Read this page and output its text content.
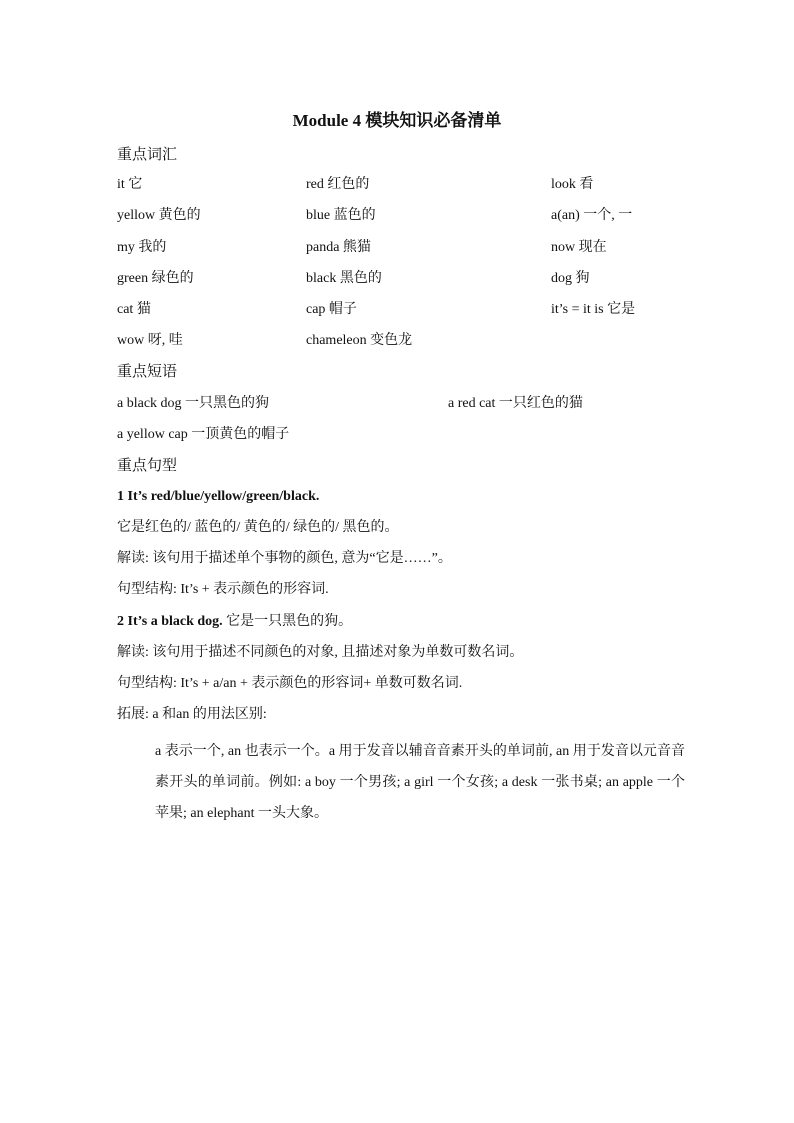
Module 4 模块知识必备清单
重点词汇
it 它	red 红色的	look 看
yellow 黄色的	blue 蓝色的	a(an) 一个, 一
my 我的	panda 熊猫	now 现在
green 绿色的	black 黑色的	dog 狗
cat 猫	cap 帽子	it’s = it is 它是
wow 呀, 哇	chameleon 变色龙
重点短语
a black dog 一只黑色的狗	a red cat 一只红色的猫
a yellow cap 一顶黄色的帽子
重点句型
1 It’s red/blue/yellow/green/black.
它是红色的/ 蓝色的/ 黄色的/ 绿色的/ 黑色的。
解读: 该句用于描述单个事物的颜色, 意为“它是……”。
句型结构: It’s + 表示颜色的形容词.
2 It’s a black dog. 它是一只黑色的狗。
解读: 该句用于描述不同颜色的对象, 且描述对象为单数可数名词。
句型结构: It’s + a/an + 表示颜色的形容词+ 单数可数名词.
拓展: a 和an 的用法区别:
a 表示一个, an 也表示一个。a 用于发音以辅音音素开头的单词前, an 用于发音以元音音素开头的单词前。例如: a boy 一个男孩; a girl 一个女孩; a desk 一张书桌; an apple 一个苹果; an elephant 一头大象。
